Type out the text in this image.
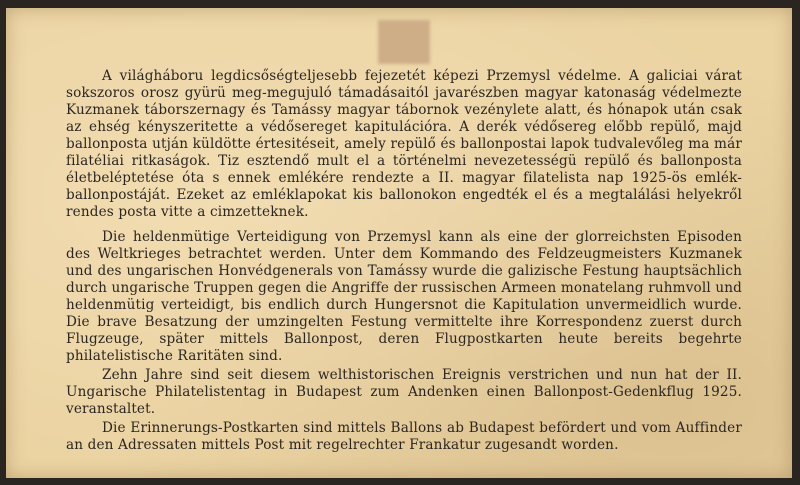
A világháboru legdicsőségteljesebb fejezetét képezi Przemysl védelme. A galiciai várat sokszoros orosz gyürü meg-megujuló támadásaitól javarészben magyar katonaság védelmezte Kuzmanek táborszernagy és Tamássy magyar tábornok vezénylete alatt, és hónapok után csak az ehség kényszeritette a védősereget kapitulációra. A derék védősereg előbb repülő, majd ballonposta utján küldötte értesitéseit, amely repülő és ballonpostai lapok tudvalevőleg ma már filatéliai ritkaságok. Tiz esztendő mult el a történelmi nevezetességü repülő és ballonposta életbeléptetése óta s ennek emlékére rendezte a II. magyar filatelista nap 1925-ös emlék-ballonpostáját. Ezeket az emléklapokat kis ballonokon engedték el és a megtalálási helyekről rendes posta vitte a cimzetteknek.

Die heldenmütige Verteidigung von Przemysl kann als eine der glorreichsten Episoden des Weltkrieges betrachtet werden. Unter dem Kommando des Feldzeugmeisters Kuzmanek und des ungarischen Honvédgenerals von Tamássy wurde die galizische Festung hauptsächlich durch ungarische Truppen gegen die Angriffe der russischen Armeen monatelang ruhmvoll und heldenmütig verteidigt, bis endlich durch Hungersnot die Kapitulation unvermeidlich wurde. Die brave Besatzung der umzingelten Festung vermittelte ihre Korrespondenz zuerst durch Flugzeuge, später mittels Ballonpost, deren Flugpostkarten heute bereits begehrte philatelistische Raritäten sind.

Zehn Jahre sind seit diesem welthistorischen Ereignis verstrichen und nun hat der II. Ungarische Philatelistentag in Budapest zum Andenken einen Ballonpost-Gedenkflug 1925. veranstaltet.

Die Erinnerungs-Postkarten sind mittels Ballons ab Budapest befördert und vom Auffinder an den Adressaten mittels Post mit regelrechter Frankatur zugesandt worden.
